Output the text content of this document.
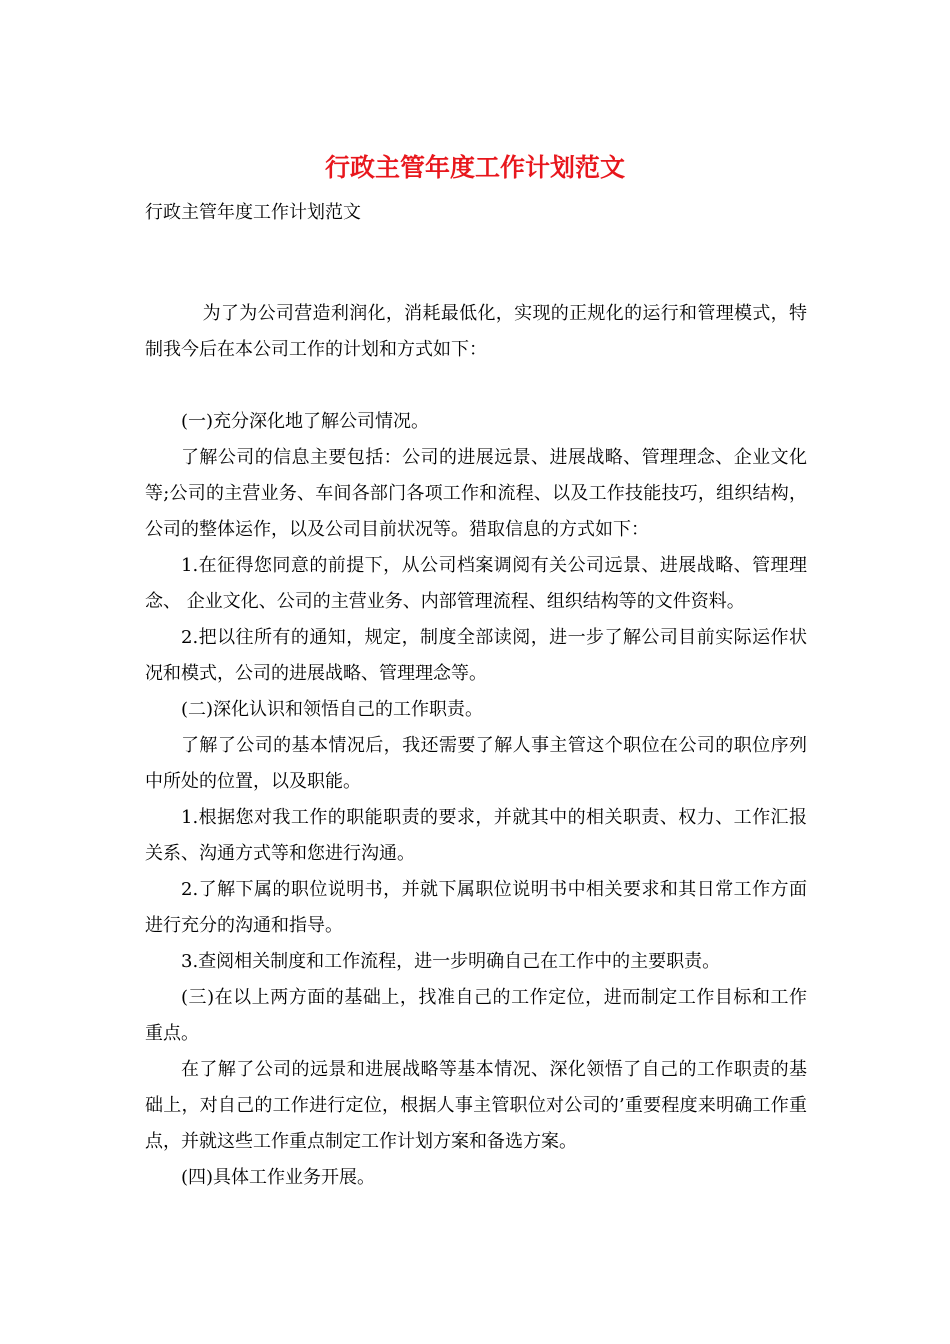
行政主管年度工作计划范文
行政主管年度工作计划范文

为了为公司营造利润化，消耗最低化，实现的正规化的运行和管理模式，特制我今后在本公司工作的计划和方式如下：

(一)充分深化地了解公司情况。

了解公司的信息主要包括：公司的进展远景、进展战略、管理理念、企业文化等;公司的主营业务、车间各部门各项工作和流程、以及工作技能技巧，组织结构，公司的整体运作，以及公司目前状况等。猎取信息的方式如下：

1.在征得您同意的前提下，从公司档案调阅有关公司远景、进展战略、管理理念、 企业文化、公司的主营业务、内部管理流程、组织结构等的文件资料。

2.把以往所有的通知，规定，制度全部读阅，进一步了解公司目前实际运作状况和模式，公司的进展战略、管理理念等。

(二)深化认识和领悟自己的工作职责。

了解了公司的基本情况后，我还需要了解人事主管这个职位在公司的职位序列中所处的位置，以及职能。

1.根据您对我工作的职能职责的要求，并就其中的相关职责、权力、工作汇报关系、沟通方式等和您进行沟通。

2.了解下属的职位说明书，并就下属职位说明书中相关要求和其日常工作方面进行充分的沟通和指导。

3.查阅相关制度和工作流程，进一步明确自己在工作中的主要职责。

(三)在以上两方面的基础上，找准自己的工作定位，进而制定工作目标和工作重点。

在了解了公司的远景和进展战略等基本情况、深化领悟了自己的工作职责的基础上，对自己的工作进行定位，根据人事主管职位对公司的’重要程度来明确工作重点，并就这些工作重点制定工作计划方案和备选方案。

(四)具体工作业务开展。
